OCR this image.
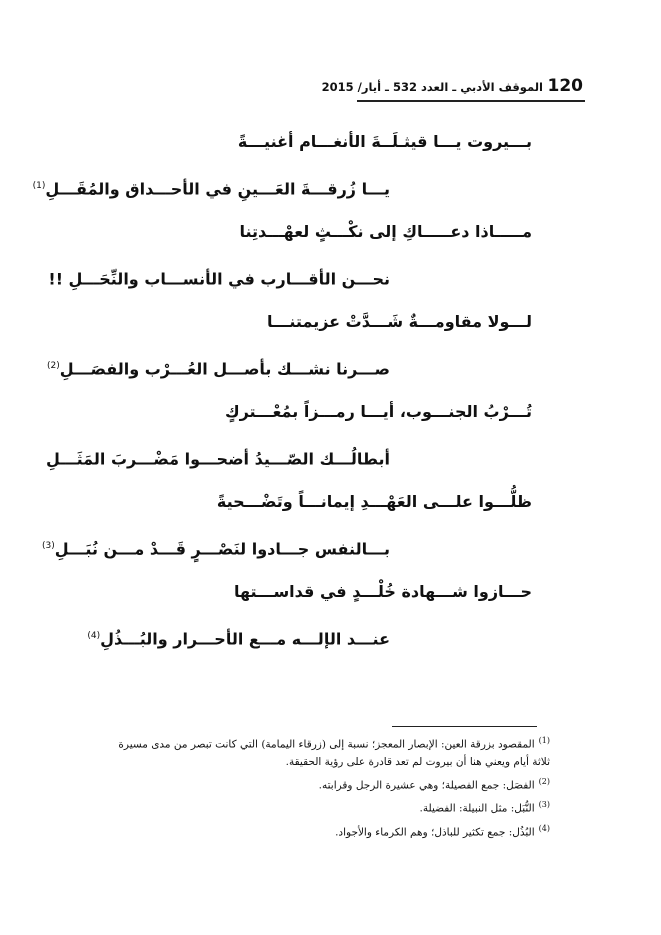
120
الموقف الأدبي ـ العدد 532 ـ أيار/ 2015
بـــيروت يـــا قيثـلَــةَ الأنغـــام أغنيـــةً
يـــا زُرقـــةَ العَـــينِ في الأحـــداق والمُقَـــلِ$^{(1)}$
مـــــاذا دعـــــاكِ إلى نكْـــثٍ لعهْـــدتِنا
نحـــن الأقـــارب في الأنســـاب والنِّحَـــلِ !!
لـــولا مقاومـــةٌ شَـــدَّتْ عزيمتنـــا
صـــرنا نشـــك بأصـــل العُـــرْب والفصَـــلِ$^{(2)}$
تُـــرْبُ الجنـــوب، أيـــا رمـــزاً بمُعْـــتركٍ
أبطالُـــك الصّـــيدُ أضحـــوا مَضْـــربَ المَثَـــلِ
ظلُّـــوا علـــى العَهْـــدِ إيمانـــاً وتَضْـــحيةً
بـــالنفس جـــادوا لنَصْـــرٍ قَـــدْ مـــن نُبَـــلِ$^{(3)}$
حـــازوا شـــهادة خُلْـــدٍ في قداســـتها
عنـــد الإلـــه مـــع الأحـــرار والبُـــذُلِ$^{(4)}$

$^{(1)}$المقصود بزرقة العين: الإبصار المعجز؛ نسبة إلى (زرقاء اليمامة) التي كانت تبصر من مدى مسيرة ثلاثة أيام ويعني هنا أن بيروت لم تعد قادرة على رؤية الحقيقة.

$^{(2)}$الفصَل: جمع الفصيلة؛ وهي عشيرة الرجل وقرابته.

$^{(3)}$النُّبَل: مثل النبيلة: الفضيلة.

$^{(4)}$البُذُل: جمع تكثير للباذل؛ وهم الكرماء والأجواد.
